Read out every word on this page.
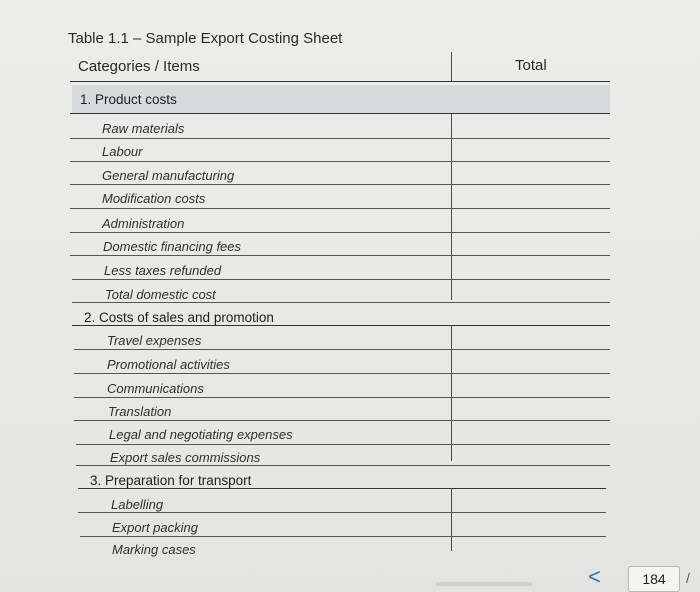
Table 1.1 – Sample Export Costing Sheet
Categories / Items	Total
1. Product costs
Raw materials
Labour
General manufacturing
Modification costs
Administration
Domestic financing fees
Less taxes refunded
Total domestic cost
2. Costs of sales and promotion
Travel expenses
Promotional activities
Communications
Translation
Legal and negotiating expenses
Export sales commissions
3. Preparation for transport
Labelling
Export packing
Marking cases
<	184	/
